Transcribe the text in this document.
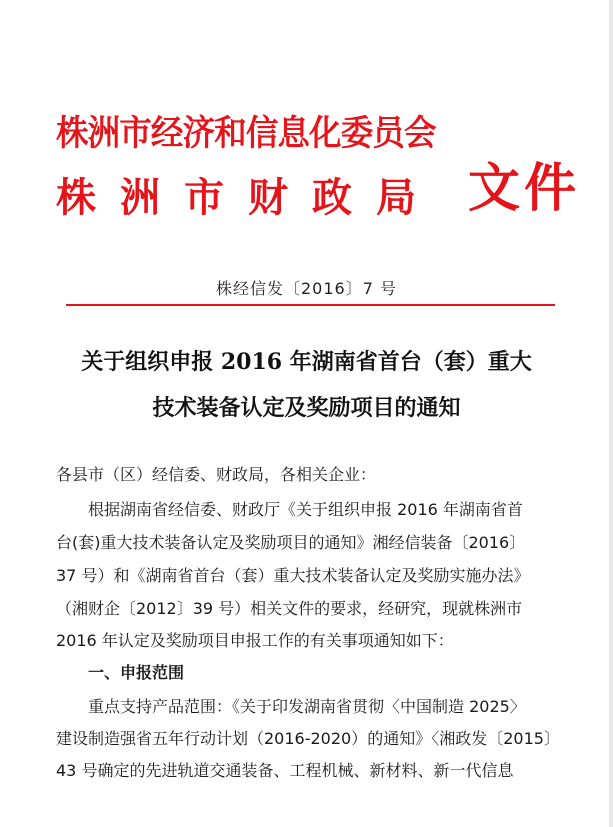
株洲市经济和信息化委员会
株洲市财政局 文件
株经信发〔2016〕7 号
关于组织申报 2016 年湖南省首台（套）重大
技术装备认定及奖励项目的通知
各县市（区）经信委、财政局，各相关企业：
根据湖南省经信委、财政厅《关于组织申报 2016 年湖南省首
台(套)重大技术装备认定及奖励项目的通知》湘经信装备〔2016〕
37 号）和《湖南省首台（套）重大技术装备认定及奖励实施办法》
（湘财企〔2012〕39 号）相关文件的要求，经研究，现就株洲市
2016 年认定及奖励项目申报工作的有关事项通知如下：
一、申报范围
重点支持产品范围：《关于印发湖南省贯彻〈中国制造 2025〉
建设制造强省五年行动计划（2016-2020）的通知》〈湘政发〔2015〕
43 号确定的先进轨道交通装备、工程机械、新材料、新一代信息
